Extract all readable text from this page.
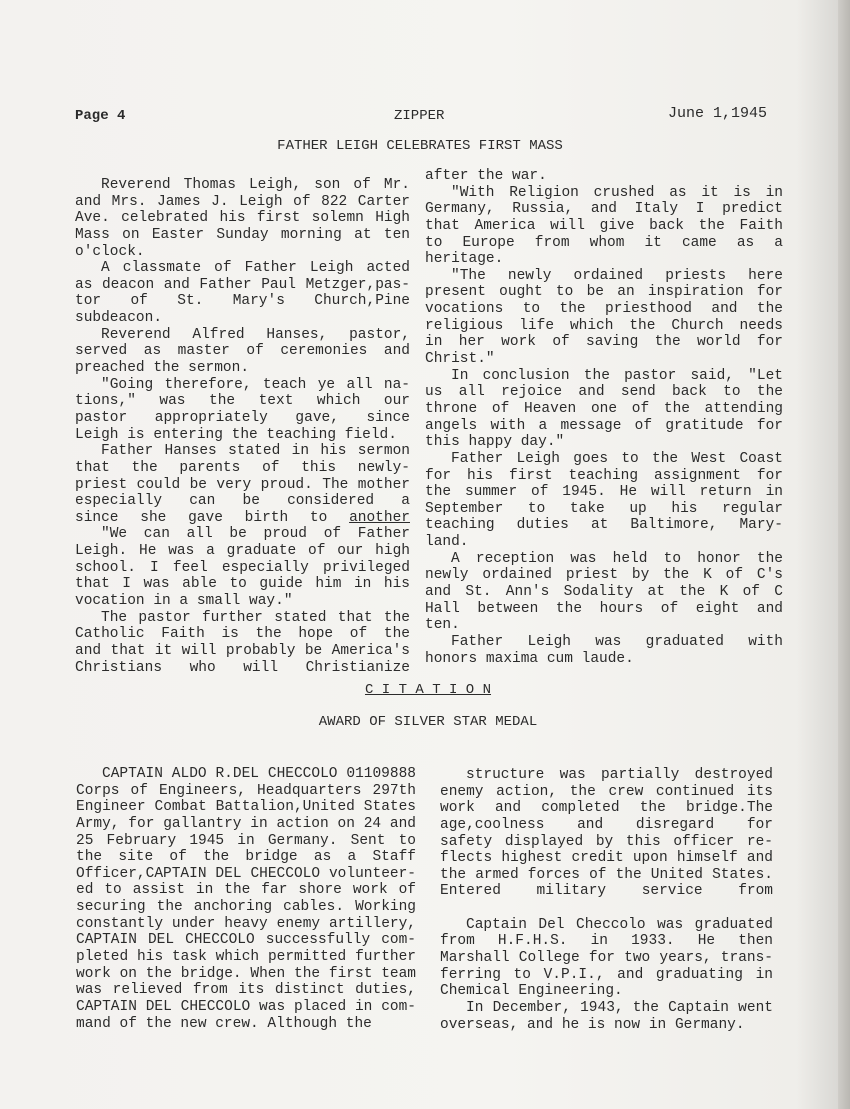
Page 4	ZIPPER	June 1,1945
FATHER LEIGH CELEBRATES FIRST MASS
Reverend Thomas Leigh, son of Mr.
and Mrs. James J. Leigh of 822 Carter
Ave. celebrated his first solemn High
Mass on Easter Sunday morning at ten
o'clock.
A classmate of Father Leigh acted
as deacon and Father Paul Metzger,pas-
tor of St. Mary's Church,Pine
subdeacon.
Reverend Alfred Hanses, pastor,
served as master of ceremonies and
preached the sermon.
"Going therefore, teach ye all na-
tions," was the text which our
pastor appropriately gave, since
Leigh is entering the teaching field.
Father Hanses stated in his sermon
that the parents of this newly-
priest could be very proud. The mother
especially can be considered a
since she gave birth to another
"We can all be proud of Father
Leigh. He was a graduate of our high
school. I feel especially privileged
that I was able to guide him in his
vocation in a small way."
The pastor further stated that the
Catholic Faith is the hope of the
and that it will probably be America's
Christians who will Christianize
after the war.
"With Religion crushed as it is in
Germany, Russia, and Italy I predict
that America will give back the Faith
to Europe from whom it came as a
heritage.
"The newly ordained priests here
present ought to be an inspiration for
vocations to the priesthood and the
religious life which the Church needs
in her work of saving the world for
Christ."
In conclusion the pastor said, "Let
us all rejoice and send back to the
throne of Heaven one of the attending
angels with a message of gratitude for
this happy day."
Father Leigh goes to the West Coast
for his first teaching assignment for
the summer of 1945. He will return in
September to take up his regular
teaching duties at Baltimore, Mary-
land.
A reception was held to honor the
newly ordained priest by the K of C's
and St. Ann's Sodality at the K of C
Hall between the hours of eight and
ten.
Father Leigh was graduated with
honors maxima cum laude.
C I T A T I O N
AWARD OF SILVER STAR MEDAL
CAPTAIN ALDO R.DEL CHECCOLO 01109888
Corps of Engineers, Headquarters 297th
Engineer Combat Battalion,United States
Army, for gallantry in action on 24 and
25 February 1945 in Germany. Sent to
the site of the bridge as a Staff
Officer,CAPTAIN DEL CHECCOLO volunteer-
ed to assist in the far shore work of
securing the anchoring cables. Working
constantly under heavy enemy artillery,
CAPTAIN DEL CHECCOLO successfully com-
pleted his task which permitted further
work on the bridge. When the first team
was relieved from its distinct duties,
CAPTAIN DEL CHECCOLO was placed in com-
mand of the new crew. Although the
structure was partially destroyed
enemy action, the crew continued its
work and completed the bridge.The
age,coolness and disregard for
safety displayed by this officer re-
flects highest credit upon himself and
the armed forces of the United States.
Entered military service from
Captain Del Checcolo was graduated
from H.F.H.S. in 1933. He then
Marshall College for two years, trans-
ferring to V.P.I., and graduating in
Chemical Engineering.
In December, 1943, the Captain went
overseas, and he is now in Germany.
